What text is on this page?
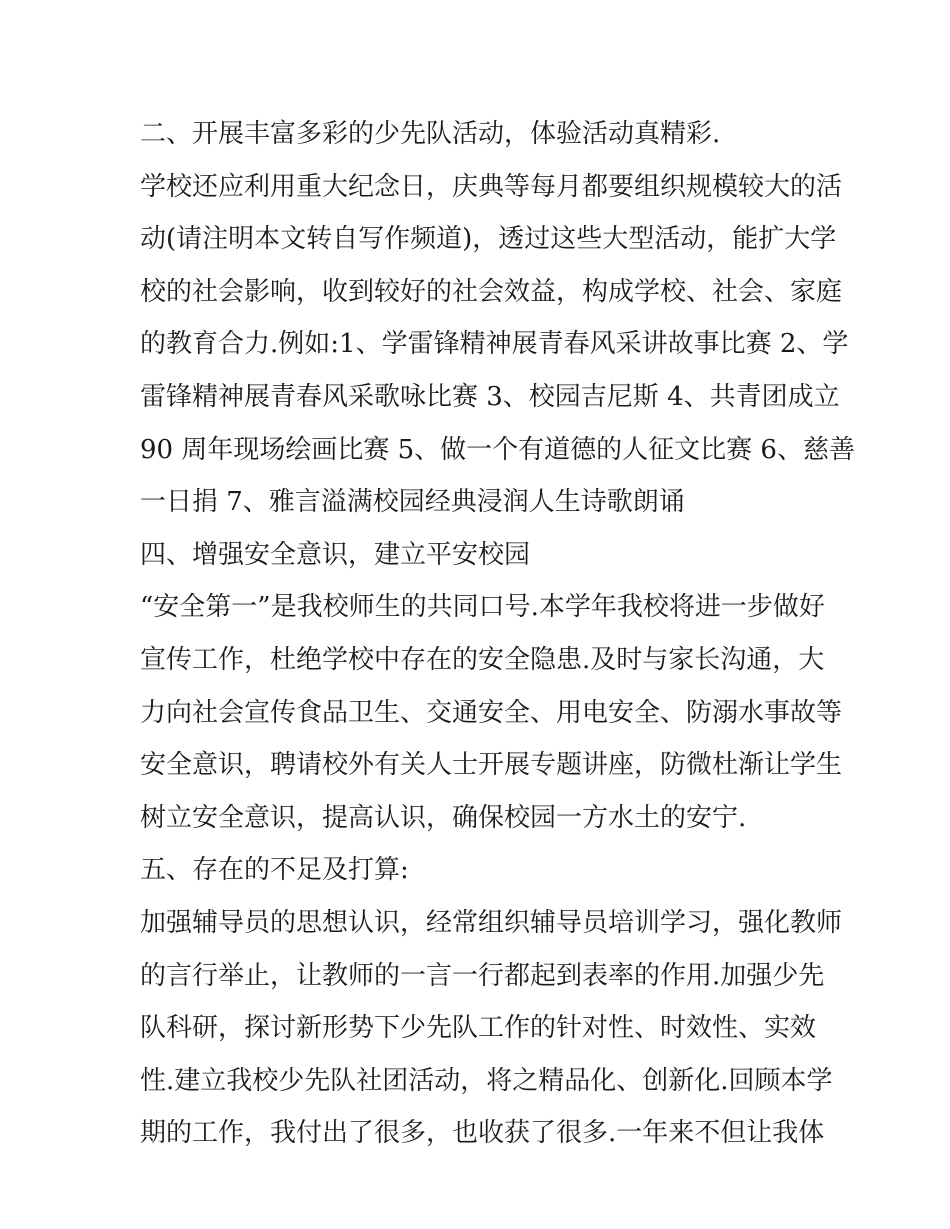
二、开展丰富多彩的少先队活动，体验活动真精彩.
学校还应利用重大纪念日，庆典等每月都要组织规模较大的活
动(请注明本文转自写作频道)，透过这些大型活动，能扩大学
校的社会影响，收到较好的社会效益，构成学校、社会、家庭
的教育合力.例如:1、学雷锋精神展青春风采讲故事比赛 2、学
雷锋精神展青春风采歌咏比赛 3、校园吉尼斯 4、共青团成立
90 周年现场绘画比赛 5、做一个有道德的人征文比赛 6、慈善
一日捐 7、雅言溢满校园经典浸润人生诗歌朗诵
四、增强安全意识，建立平安校园
“安全第一”是我校师生的共同口号.本学年我校将进一步做好
宣传工作，杜绝学校中存在的安全隐患.及时与家长沟通，大
力向社会宣传食品卫生、交通安全、用电安全、防溺水事故等
安全意识，聘请校外有关人士开展专题讲座，防微杜渐让学生
树立安全意识，提高认识，确保校园一方水土的安宁.
五、存在的不足及打算:
加强辅导员的思想认识，经常组织辅导员培训学习，强化教师
的言行举止，让教师的一言一行都起到表率的作用.加强少先
队科研，探讨新形势下少先队工作的针对性、时效性、实效
性.建立我校少先队社团活动，将之精品化、创新化.回顾本学
期的工作，我付出了很多，也收获了很多.一年来不但让我体
